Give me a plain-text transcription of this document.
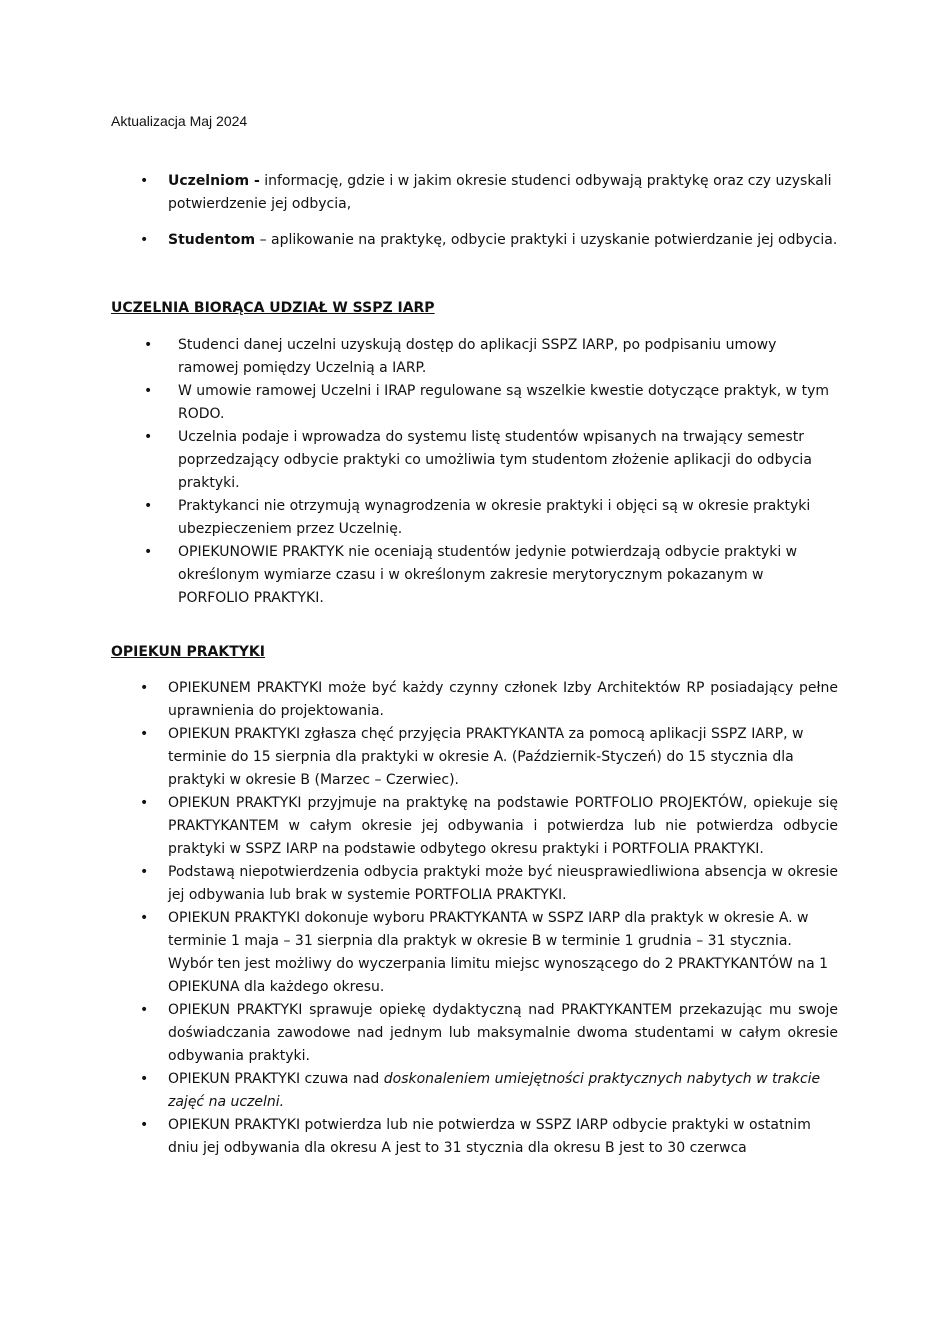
Aktualizacja Maj 2024
• Uczelniom - informację, gdzie i w jakim okresie studenci odbywają praktykę oraz czy uzyskali potwierdzenie jej odbycia,
• Studentom – aplikowanie na praktykę, odbycie praktyki i uzyskanie potwierdzanie jej odbycia.
UCZELNIA BIORĄCA UDZIAŁ W SSPZ IARP
• Studenci danej uczelni uzyskują dostęp do aplikacji SSPZ IARP, po podpisaniu umowy ramowej pomiędzy Uczelnią a IARP.
• W umowie ramowej Uczelni i IRAP regulowane są wszelkie kwestie dotyczące praktyk, w tym RODO.
• Uczelnia podaje i wprowadza do systemu listę studentów wpisanych na trwający semestr poprzedzający odbycie praktyki co umożliwia tym studentom złożenie aplikacji do odbycia praktyki.
• Praktykanci nie otrzymują wynagrodzenia w okresie praktyki i objęci są w okresie praktyki ubezpieczeniem przez Uczelnię.
• OPIEKUNOWIE PRAKTYK nie oceniają studentów jedynie potwierdzają odbycie praktyki w określonym wymiarze czasu i w określonym zakresie merytorycznym pokazanym w PORFOLIO PRAKTYKI.
OPIEKUN PRAKTYKI
• OPIEKUNEM PRAKTYKI może być każdy czynny członek Izby Architektów RP posiadający pełne uprawnienia do projektowania.
• OPIEKUN PRAKTYKI zgłasza chęć przyjęcia PRAKTYKANTA za pomocą aplikacji SSPZ IARP, w terminie do 15 sierpnia dla praktyki w okresie A. (Październik-Styczeń) do 15 stycznia dla praktyki w okresie B (Marzec – Czerwiec).
• OPIEKUN PRAKTYKI przyjmuje na praktykę na podstawie PORTFOLIO PROJEKTÓW, opiekuje się PRAKTYKANTEM w całym okresie jej odbywania i potwierdza lub nie potwierdza odbycie praktyki w SSPZ IARP na podstawie odbytego okresu praktyki i PORTFOLIA PRAKTYKI.
• Podstawą niepotwierdzenia odbycia praktyki może być nieusprawiedliwiona absencja w okresie jej odbywania lub brak w systemie PORTFOLIA PRAKTYKI.
• OPIEKUN PRAKTYKI dokonuje wyboru PRAKTYKANTA w SSPZ IARP dla praktyk w okresie A. w terminie 1 maja – 31 sierpnia dla praktyk w okresie B w terminie 1 grudnia – 31 stycznia. Wybór ten jest możliwy do wyczerpania limitu miejsc wynoszącego do 2 PRAKTYKANTÓW na 1 OPIEKUNA dla każdego okresu.
• OPIEKUN PRAKTYKI sprawuje opiekę dydaktyczną nad PRAKTYKANTEM przekazując mu swoje doświadczania zawodowe nad jednym lub maksymalnie dwoma studentami w całym okresie odbywania praktyki.
• OPIEKUN PRAKTYKI czuwa nad doskonaleniem umiejętności praktycznych nabytych w trakcie zajęć na uczelni.
• OPIEKUN PRAKTYKI potwierdza lub nie potwierdza w SSPZ IARP odbycie praktyki w ostatnim dniu jej odbywania dla okresu A jest to 31 stycznia dla okresu B jest to 30 czerwca
